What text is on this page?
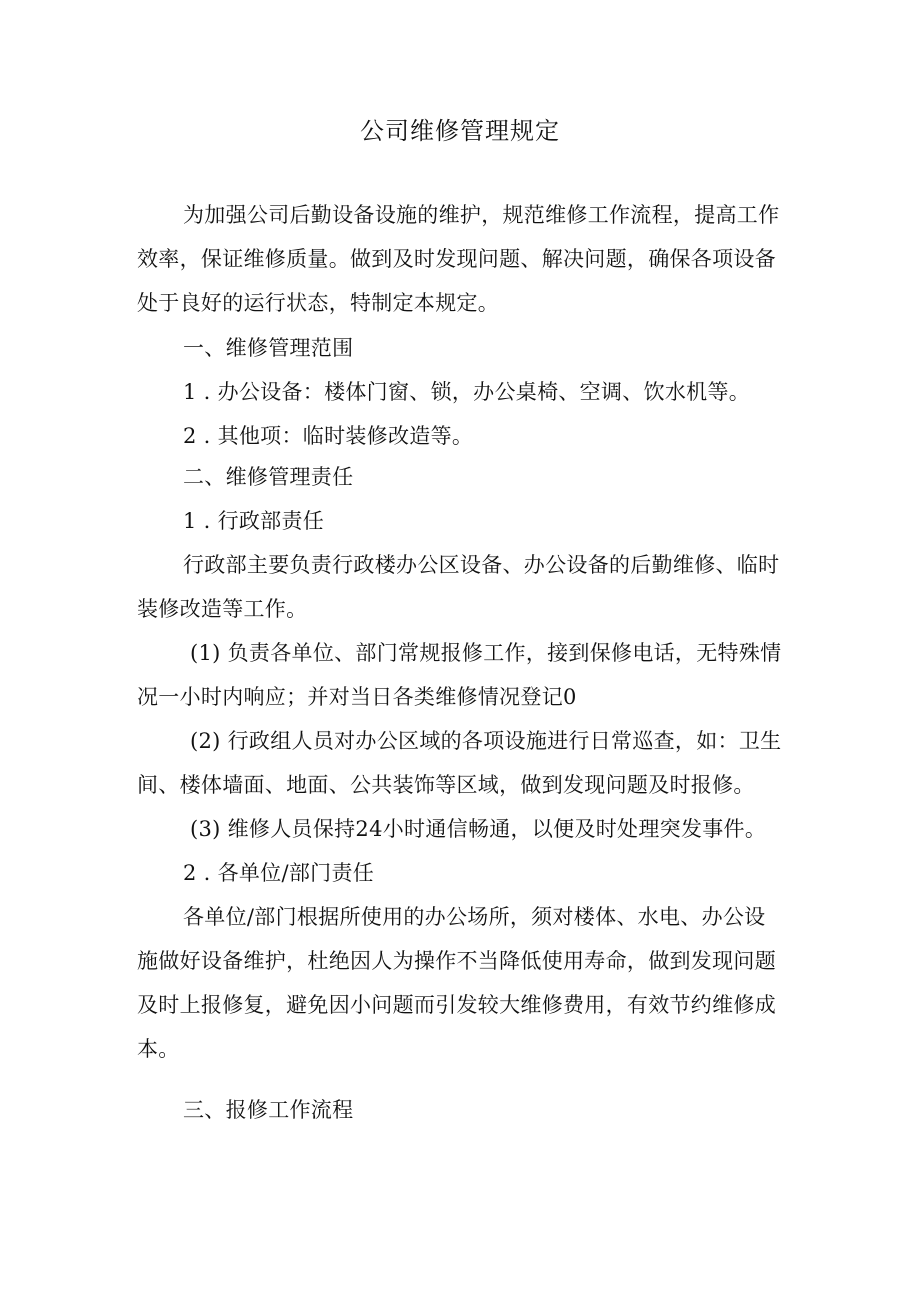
公司维修管理规定
为加强公司后勤设备设施的维护，规范维修工作流程，提高工作
效率，保证维修质量。做到及时发现问题、解决问题，确保各项设备
处于良好的运行状态，特制定本规定。
一、维修管理范围
1 . 办公设备：楼体门窗、锁，办公桌椅、空调、饮水机等。
2 . 其他项：临时装修改造等。
二、维修管理责任
1 . 行政部责任
行政部主要负责行政楼办公区设备、办公设备的后勤维修、临时
装修改造等工作。
(1) 负责各单位、部门常规报修工作，接到保修电话，无特殊情
况一小时内响应；并对当日各类维修情况登记0
(2) 行政组人员对办公区域的各项设施进行日常巡查，如：卫生
间、楼体墙面、地面、公共装饰等区域，做到发现问题及时报修。
(3) 维修人员保持24小时通信畅通，以便及时处理突发事件。
2 . 各单位/部门责任
各单位/部门根据所使用的办公场所，须对楼体、水电、办公设
施做好设备维护，杜绝因人为操作不当降低使用寿命，做到发现问题
及时上报修复，避免因小问题而引发较大维修费用，有效节约维修成
本。
三、报修工作流程
